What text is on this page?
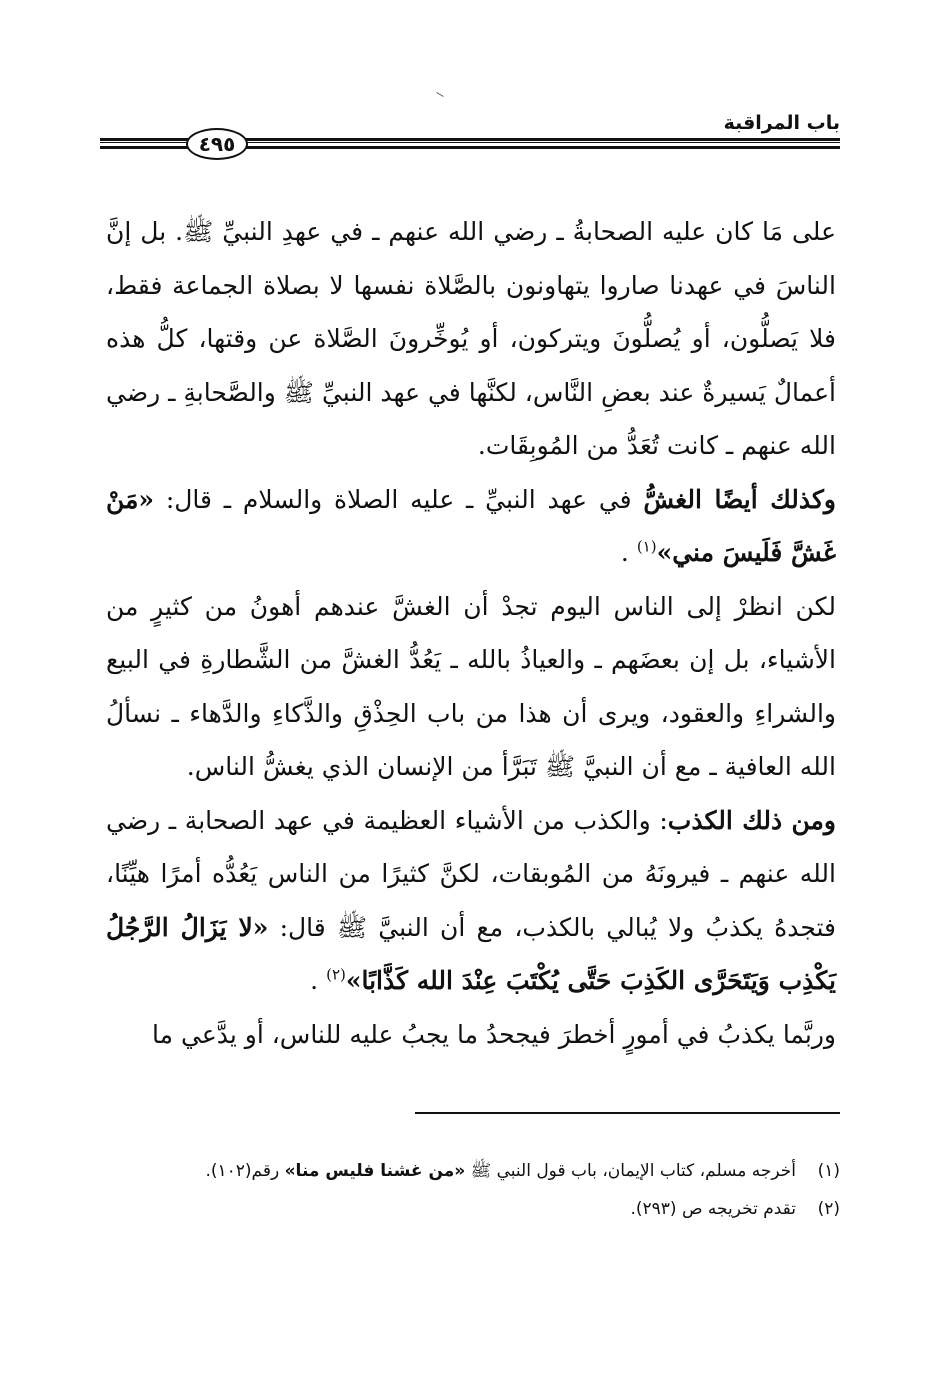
٤٩٥
باب المراقبة

على مَا كان عليه الصحابةُ ـ رضي الله عنهم ـ في عهدِ النبيِّ ﷺ. بل إنَّ الناسَ في عهدنا صاروا يتهاونون بالصَّلاة نفسها لا بصلاة الجماعة فقط، فلا يَصلُّون، أو يُصلُّونَ ويتركون، أو يُوخِّرونَ الصَّلاة عن وقتها، كلُّ هذه أعمالٌ يَسيرةٌ عند بعضِ النَّاس، لكنَّها في عهد النبيِّ ﷺ والصَّحابةِ ـ رضي الله عنهم ـ كانت تُعَدُّ من المُوبِقَات.

وكذلك أيضًا الغشُّ في عهد النبيِّ ـ عليه الصلاة والسلام ـ قال: «مَنْ غَشَّ فَلَيسَ مني»$^{(١)}$ .

لكن انظرْ إلى الناس اليوم تجدْ أن الغشَّ عندهم أهونُ من كثيرٍ من الأشياء، بل إن بعضَهم ـ والعياذُ بالله ـ يَعُدُّ الغشَّ من الشَّطارةِ في البيع والشراءِ والعقود، ويرى أن هذا من باب الحِذْقِ والذَّكاءِ والدَّهاء ـ نسألُ الله العافية ـ مع أن النبيَّ ﷺ تَبَرَّأ من الإنسان الذي يغشُّ الناس.

ومن ذلك الكذب: والكذب من الأشياء العظيمة في عهد الصحابة ـ رضي الله عنهم ـ فيرونَهُ من المُوبقات، لكنَّ كثيرًا من الناس يَعُدُّه أمرًا هيِّنًا، فتجدهُ يكذبُ ولا يُبالي بالكذب، مع أن النبيَّ ﷺ قال: «لا يَزَالُ الرَّجُلُ يَكْذِب وَيَتَحَرَّى الكَذِبَ حَتَّى يُكْتَبَ عِنْدَ الله كَذَّابًا»$^{(٢)}$ .

وربَّما يكذبُ في أمورٍ أخطرَ فيجحدُ ما يجبُ عليه للناس، أو يدَّعي ما

(١)أخرجه مسلم، كتاب الإيمان، باب قول النبي ﷺ «من غشنا فليس منا» رقم(١٠٢).

(٢)تقدم تخريجه ص (٢٩٣).
